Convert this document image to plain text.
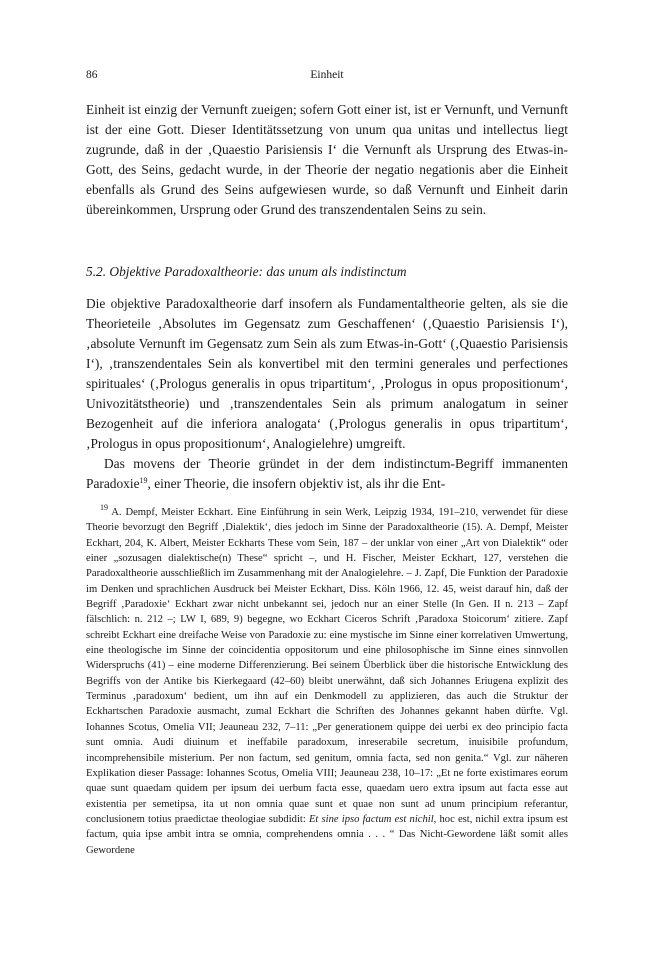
86	Einheit

Einheit ist einzig der Vernunft zueigen; sofern Gott einer ist, ist er Vernunft, und Vernunft ist der eine Gott. Dieser Identitätssetzung von unum qua unitas und intellectus liegt zugrunde, daß in der ‚Quaestio Parisiensis I‘ die Vernunft als Ursprung des Etwas-in-Gott, des Seins, gedacht wurde, in der Theorie der negatio negationis aber die Einheit ebenfalls als Grund des Seins aufgewiesen wurde, so daß Vernunft und Einheit darin übereinkommen, Ursprung oder Grund des transzendentalen Seins zu sein.

5.2. Objektive Paradoxaltheorie: das unum als indistinctum

Die objektive Paradoxaltheorie darf insofern als Fundamentaltheorie gelten, als sie die Theorieteile ‚Absolutes im Gegensatz zum Geschaffenen‘ (‚Quaestio Parisiensis I‘), ‚absolute Vernunft im Gegensatz zum Sein als zum Etwas-in-Gott‘ (‚Quaestio Parisiensis I‘), ‚transzendentales Sein als konvertibel mit den termini generales und perfectiones spirituales‘ (‚Prologus generalis in opus tripartitum‘, ‚Prologus in opus propositionum‘, Univozitätstheorie) und ‚transzendentales Sein als primum analogatum in seiner Bezogenheit auf die inferiora analogata‘ (‚Prologus generalis in opus tripartitum‘, ‚Prologus in opus propositionum‘, Analogielehre) umgreift.

Das movens der Theorie gründet in der dem indistinctum-Begriff immanenten Paradoxie$^{19}$, einer Theorie, die insofern objektiv ist, als ihr die Ent-

$^{19}$ A. Dempf, Meister Eckhart. Eine Einführung in sein Werk, Leipzig 1934, 191–210, verwendet für diese Theorie bevorzugt den Begriff ‚Dialektik‘, dies jedoch im Sinne der Paradoxaltheorie (15). A. Dempf, Meister Eckhart, 204, K. Albert, Meister Eckharts These vom Sein, 187 – der unklar von einer „Art von Dialektik“ oder einer „sozusagen dialektische(n) These“ spricht –, und H. Fischer, Meister Eckhart, 127, verstehen die Paradoxaltheorie ausschließlich im Zusammenhang mit der Analogielehre. – J. Zapf, Die Funktion der Paradoxie im Denken und sprachlichen Ausdruck bei Meister Eckhart, Diss. Köln 1966, 12. 45, weist darauf hin, daß der Begriff ‚Paradoxie‘ Eckhart zwar nicht unbekannt sei, jedoch nur an einer Stelle (In Gen. II n. 213 – Zapf fälschlich: n. 212 –; LW I, 689, 9) begegne, wo Eckhart Ciceros Schrift ‚Paradoxa Stoicorum‘ zitiere. Zapf schreibt Eckhart eine dreifache Weise von Paradoxie zu: eine mystische im Sinne einer korrelativen Umwertung, eine theologische im Sinne der coincidentia oppositorum und eine philosophische im Sinne eines sinnvollen Widerspruchs (41) – eine moderne Differenzierung. Bei seinem Überblick über die historische Entwicklung des Begriffs von der Antike bis Kierkegaard (42–60) bleibt unerwähnt, daß sich Johannes Eriugena explizit des Terminus ‚paradoxum‘ bedient, um ihn auf ein Denkmodell zu applizieren, das auch die Struktur der Eckhartschen Paradoxie ausmacht, zumal Eckhart die Schriften des Johannes gekannt haben dürfte. Vgl. Iohannes Scotus, Omelia VII; Jeauneau 232, 7–11: „Per generationem quippe dei uerbi ex deo principio facta sunt omnia. Audi diuinum et ineffabile paradoxum, inreserabile secretum, inuisibile profundum, incomprehensibile misterium. Per non factum, sed genitum, omnia facta, sed non genita.“ Vgl. zur näheren Explikation dieser Passage: Iohannes Scotus, Omelia VIII; Jeauneau 238, 10–17: „Et ne forte existimares eorum quae sunt quaedam quidem per ipsum dei uerbum facta esse, quaedam uero extra ipsum aut facta esse aut existentia per semetipsa, ita ut non omnia quae sunt et quae non sunt ad unum principium referantur, conclusionem totius praedictae theologiae subdidit: Et sine ipso factum est nichil, hoc est, nichil extra ipsum est factum, quia ipse ambit intra se omnia, comprehendens omnia . . . “ Das Nicht-Gewordene läßt somit alles Gewordene
